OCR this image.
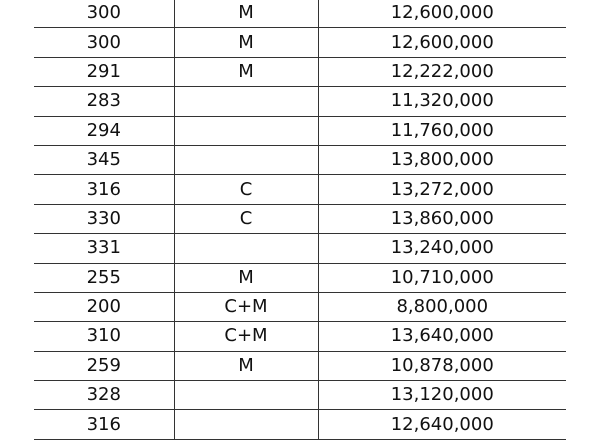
300	M	12,600,000
300	M	12,600,000
291	M	12,222,000
283		11,320,000
294		11,760,000
345		13,800,000
316	C	13,272,000
330	C	13,860,000
331		13,240,000
255	M	10,710,000
200	C+M	8,800,000
310	C+M	13,640,000
259	M	10,878,000
328		13,120,000
316		12,640,000
